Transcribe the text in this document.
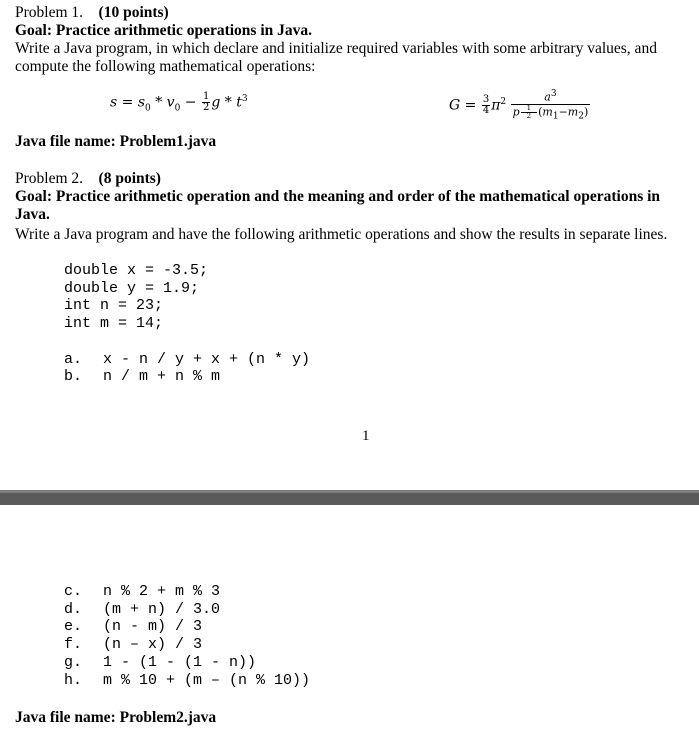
Problem 1. (10 points)
Goal: Practice arithmetic operations in Java.
Write a Java program, in which declare and initialize required variables with some arbitrary values, and compute the following mathematical operations:
$s = s_0 * v_0 - \frac{1}{2}$ g * $t^3$	$G = \frac{3}{4} \pi^2 \frac{a^3}{p \frac{1}{2} (m_1-m_2)}$
Java file name: Problem1.java
Problem 2. (8 points)
Goal: Practice arithmetic operation and the meaning and order of the mathematical operations in Java.
Write a Java program and have the following arithmetic operations and show the results in separate lines.
double x = -3.5;
double y = 1.9;
int n = 23;
int m = 14;
a. x - n / y + x + (n * y)
b. n / m + n % m
1
c. n % 2 + m % 3
d. (m + n) / 3.0
e. (n - m) / 3
f. (n – x) / 3
g. 1 - (1 - (1 - n))
h. m % 10 + (m – (n % 10))
Java file name: Problem2.java
